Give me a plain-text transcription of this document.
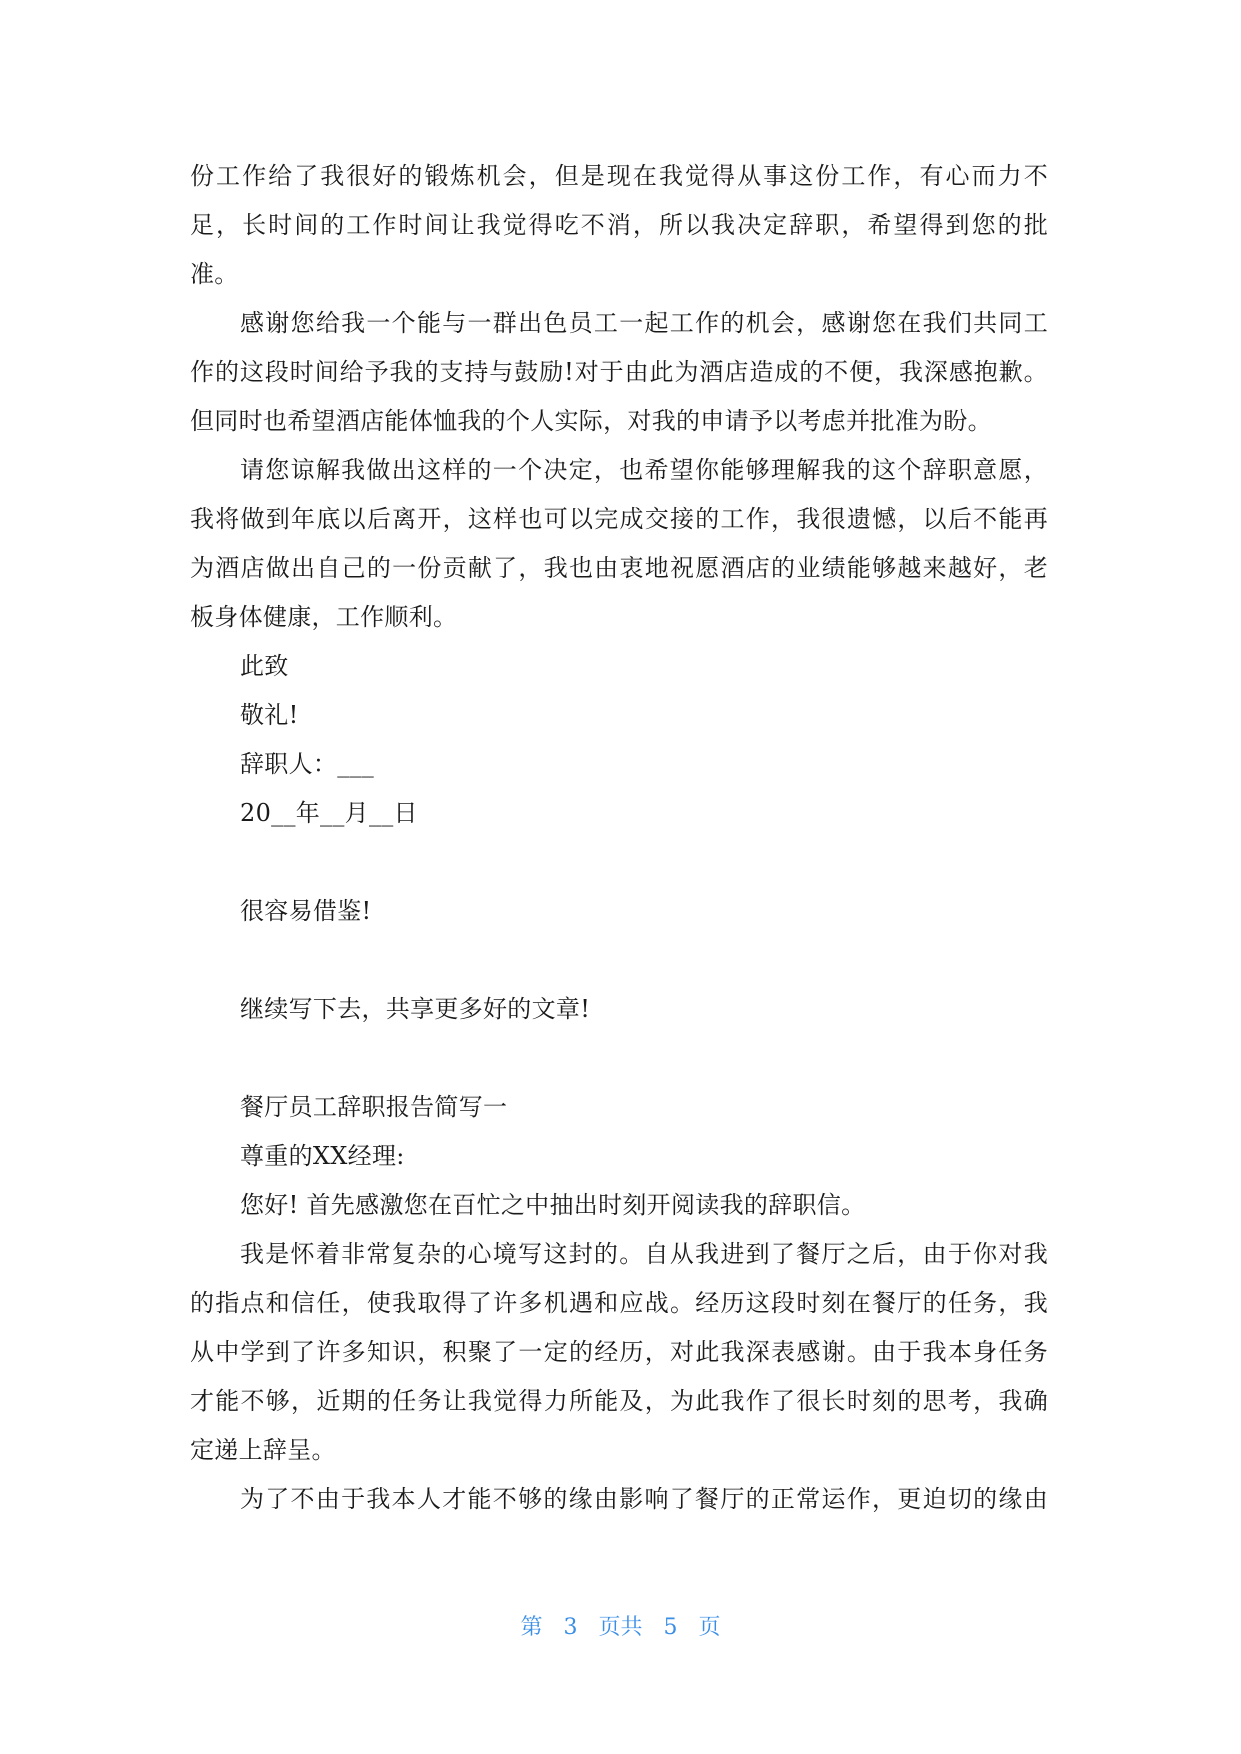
份工作给了我很好的锻炼机会，但是现在我觉得从事这份工作，有心而力不
足，长时间的工作时间让我觉得吃不消，所以我决定辞职，希望得到您的批
准。
感谢您给我一个能与一群出色员工一起工作的机会，感谢您在我们共同工
作的这段时间给予我的支持与鼓励!对于由此为酒店造成的不便，我深感抱歉。
但同时也希望酒店能体恤我的个人实际，对我的申请予以考虑并批准为盼。
请您谅解我做出这样的一个决定，也希望你能够理解我的这个辞职意愿，
我将做到年底以后离开，这样也可以完成交接的工作，我很遗憾，以后不能再
为酒店做出自己的一份贡献了，我也由衷地祝愿酒店的业绩能够越来越好，老
板身体健康，工作顺利。
此致
敬礼!
辞职人：___
20__年__月__日
很容易借鉴!
继续写下去，共享更多好的文章!
餐厅员工辞职报告简写一
尊重的XX经理:
您好! 首先感激您在百忙之中抽出时刻开阅读我的辞职信。
我是怀着非常复杂的心境写这封的。自从我进到了餐厅之后，由于你对我
的指点和信任，使我取得了许多机遇和应战。经历这段时刻在餐厅的任务，我
从中学到了许多知识，积聚了一定的经历，对此我深表感谢。由于我本身任务
才能不够，近期的任务让我觉得力所能及，为此我作了很长时刻的思考，我确
定递上辞呈。
为了不由于我本人才能不够的缘由影响了餐厅的正常运作，更迫切的缘由
第 3 页共 5 页
